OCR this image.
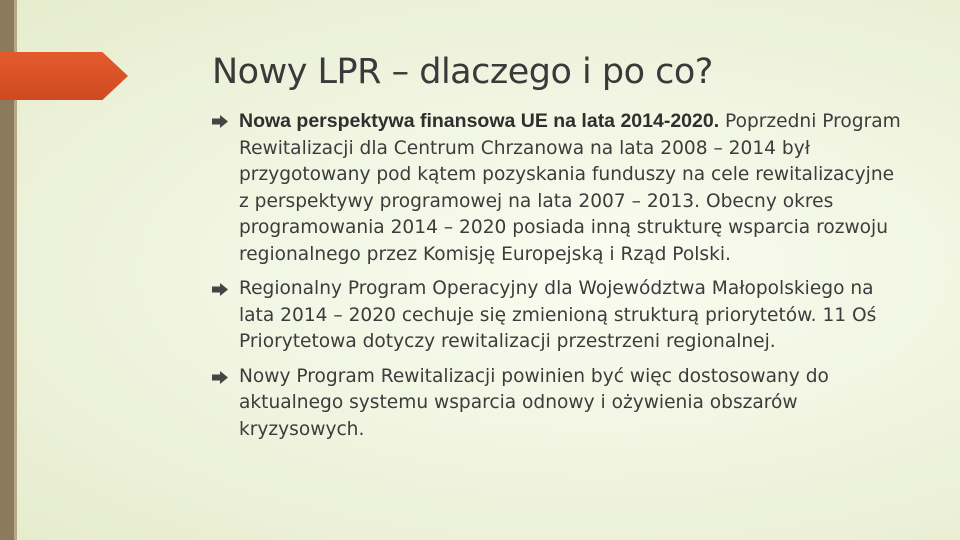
Nowy LPR – dlaczego i po co?
Nowa perspektywa finansowa UE na lata 2014-2020. Poprzedni Program Rewitalizacji dla Centrum Chrzanowa na lata 2008 – 2014 był przygotowany pod kątem pozyskania funduszy na cele rewitalizacyjne z perspektywy programowej na lata 2007 – 2013. Obecny okres programowania 2014 – 2020 posiada inną strukturę wsparcia rozwoju regionalnego przez Komisję Europejską i Rząd Polski.
Regionalny Program Operacyjny dla Województwa Małopolskiego na lata 2014 – 2020 cechuje się zmienioną strukturą priorytetów. 11 Oś Priorytetowa dotyczy rewitalizacji przestrzeni regionalnej.
Nowy Program Rewitalizacji powinien być więc dostosowany do aktualnego systemu wsparcia odnowy i ożywienia obszarów kryzysowych.
